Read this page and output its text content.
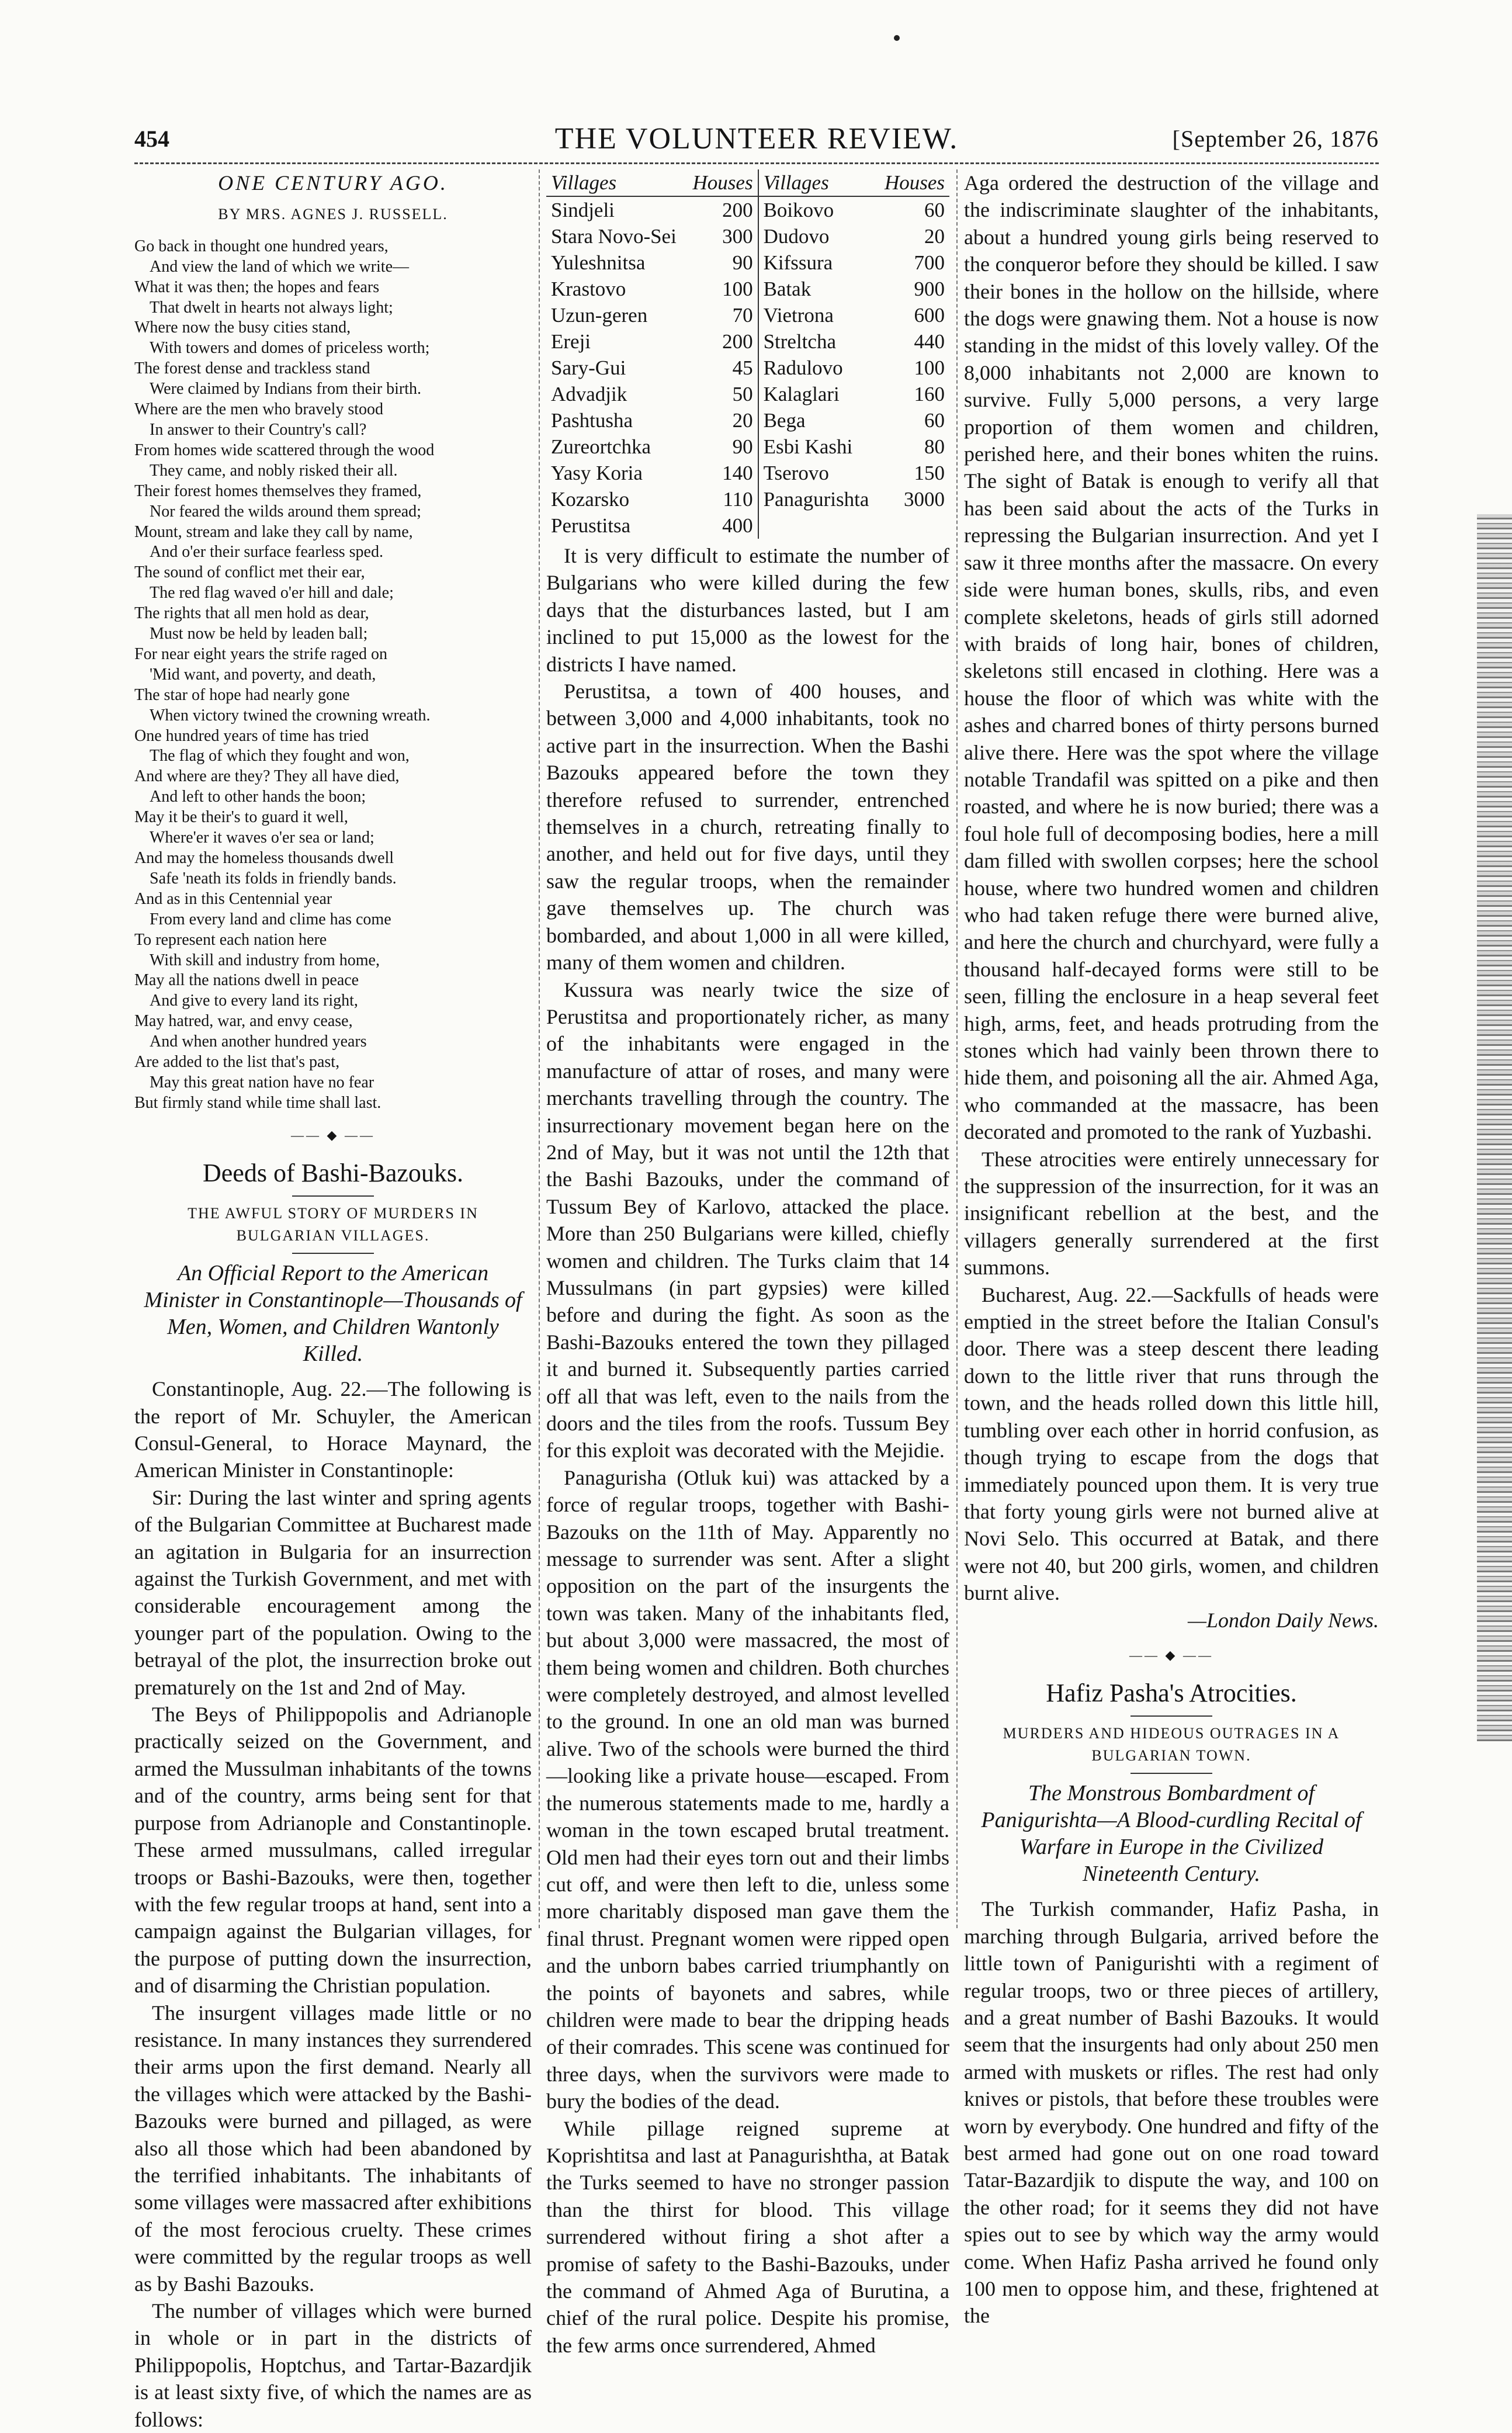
454	THE VOLUNTEER REVIEW.	[September 26, 1876
ONE CENTURY AGO.
BY MRS. AGNES J. RUSSELL.
Go back in thought one hundred years,
And view the land of which we write—
What it was then; the hopes and fears
That dwelt in hearts not always light;
Where now the busy cities stand,
With towers and domes of priceless worth;
The forest dense and trackless stand
Were claimed by Indians from their birth.
Where are the men who bravely stood
In answer to their Country's call?
From homes wide scattered through the wood
They came, and nobly risked their all.
Their forest homes themselves they framed,
Nor feared the wilds around them spread;
Mount, stream and lake they call by name,
And o'er their surface fearless sped.
The sound of conflict met their ear,
The red flag waved o'er hill and dale;
The rights that all men hold as dear,
Must now be held by leaden ball;
For near eight years the strife raged on
'Mid want, and poverty, and death,
The star of hope had nearly gone
When victory twined the crowning wreath.
One hundred years of time has tried
The flag of which they fought and won,
And where are they? They all have died,
And left to other hands the boon;
May it be their's to guard it well,
Where'er it waves o'er sea or land;
And may the homeless thousands dwell
Safe 'neath its folds in friendly bands.
And as in this Centennial year
From every land and clime has come
To represent each nation here
With skill and industry from home,
May all the nations dwell in peace
And give to every land its right,
May hatred, war, and envy cease,
And when another hundred years
Are added to the list that's past,
May this great nation have no fear
But firmly stand while time shall last.
—— ◆ ——
Deeds of Bashi-Bazouks.
THE AWFUL STORY OF MURDERS IN BULGARIAN VILLAGES.
An Official Report to the American Minister in Constantinople—Thousands of Men, Women, and Children Wantonly Killed.

Constantinople, Aug. 22.—The following is the report of Mr. Schuyler, the American Consul-General, to Horace Maynard, the American Minister in Constantinople:

Sir: During the last winter and spring agents of the Bulgarian Committee at Bucharest made an agitation in Bulgaria for an insurrection against the Turkish Government, and met with considerable encouragement among the younger part of the population. Owing to the betrayal of the plot, the insurrection broke out prematurely on the 1st and 2nd of May.

The Beys of Philippopolis and Adrianople practically seized on the Government, and armed the Mussulman inhabitants of the towns and of the country, arms being sent for that purpose from Adrianople and Constantinople. These armed mussulmans, called irregular troops or Bashi-Bazouks, were then, together with the few regular troops at hand, sent into a campaign against the Bulgarian villages, for the purpose of putting down the insurrection, and of disarming the Christian population.

The insurgent villages made little or no resistance. In many instances they surrendered their arms upon the first demand. Nearly all the villages which were attacked by the Bashi-Bazouks were burned and pillaged, as were also all those which had been abandoned by the terrified inhabitants. The inhabitants of some villages were massacred after exhibitions of the most ferocious cruelty. These crimes were committed by the regular troops as well as by Bashi Bazouks.

The number of villages which were burned in whole or in part in the districts of Philippopolis, Hoptchus, and Tartar-Bazardjik is at least sixty five, of which the names are as follows:

Villages	Houses	Villages	Houses
Sindjeli	200	Boikovo	60
Stara Novo-Sei	300	Dudovo	20
Yuleshnitsa	90	Kifssura	700
Krastovo	100	Batak	900
Uzun-geren	70	Vietrona	600
Ereji	200	Streltcha	440
Sary-Gui	45	Radulovo	100
Advadjik	50	Kalaglari	160
Pashtusha	20	Bega	60
Zureortchka	90	Esbi Kashi	80
Yasy Koria	140	Tserovo	150
Kozarsko	110	Panagurishta	3000
Perustitsa	400		

It is very difficult to estimate the number of Bulgarians who were killed during the few days that the disturbances lasted, but I am inclined to put 15,000 as the lowest for the districts I have named.

Perustitsa, a town of 400 houses, and between 3,000 and 4,000 inhabitants, took no active part in the insurrection. When the Bashi Bazouks appeared before the town they therefore refused to surrender, entrenched themselves in a church, retreating finally to another, and held out for five days, until they saw the regular troops, when the remainder gave themselves up. The church was bombarded, and about 1,000 in all were killed, many of them women and children.

Kussura was nearly twice the size of Perustitsa and proportionately richer, as many of the inhabitants were engaged in the manufacture of attar of roses, and many were merchants travelling through the country. The insurrectionary movement began here on the 2nd of May, but it was not until the 12th that the Bashi Bazouks, under the command of Tussum Bey of Karlovo, attacked the place. More than 250 Bulgarians were killed, chiefly women and children. The Turks claim that 14 Mussulmans (in part gypsies) were killed before and during the fight. As soon as the Bashi-Bazouks entered the town they pillaged it and burned it. Subsequently parties carried off all that was left, even to the nails from the doors and the tiles from the roofs. Tussum Bey for this exploit was decorated with the Mejidie.

Panagurisha (Otluk kui) was attacked by a force of regular troops, together with Bashi-Bazouks on the 11th of May. Apparently no message to surrender was sent. After a slight opposition on the part of the insurgents the town was taken. Many of the inhabitants fled, but about 3,000 were massacred, the most of them being women and children. Both churches were completely destroyed, and almost levelled to the ground. In one an old man was burned alive. Two of the schools were burned the third—looking like a private house—escaped. From the numerous statements made to me, hardly a woman in the town escaped brutal treatment. Old men had their eyes torn out and their limbs cut off, and were then left to die, unless some more charitably disposed man gave them the final thrust. Pregnant women were ripped open and the unborn babes carried triumphantly on the points of bayonets and sabres, while children were made to bear the dripping heads of their comrades. This scene was continued for three days, when the survivors were made to bury the bodies of the dead.

While pillage reigned supreme at Koprishtitsa and last at Panagurishtha, at Batak the Turks seemed to have no stronger passion than the thirst for blood. This village surrendered without firing a shot after a promise of safety to the Bashi-Bazouks, under the command of Ahmed Aga of Burutina, a chief of the rural police. Despite his promise, the few arms once surrendered, Ahmed

Aga ordered the destruction of the village and the indiscriminate slaughter of the inhabitants, about a hundred young girls being reserved to the conqueror before they should be killed. I saw their bones in the hollow on the hillside, where the dogs were gnawing them. Not a house is now standing in the midst of this lovely valley. Of the 8,000 inhabitants not 2,000 are known to survive. Fully 5,000 persons, a very large proportion of them women and children, perished here, and their bones whiten the ruins. The sight of Batak is enough to verify all that has been said about the acts of the Turks in repressing the Bulgarian insurrection. And yet I saw it three months after the massacre. On every side were human bones, skulls, ribs, and even complete skeletons, heads of girls still adorned with braids of long hair, bones of children, skeletons still encased in clothing. Here was a house the floor of which was white with the ashes and charred bones of thirty persons burned alive there. Here was the spot where the village notable Trandafil was spitted on a pike and then roasted, and where he is now buried; there was a foul hole full of decomposing bodies, here a mill dam filled with swollen corpses; here the school house, where two hundred women and children who had taken refuge there were burned alive, and here the church and churchyard, were fully a thousand half-decayed forms were still to be seen, filling the enclosure in a heap several feet high, arms, feet, and heads protruding from the stones which had vainly been thrown there to hide them, and poisoning all the air. Ahmed Aga, who commanded at the massacre, has been decorated and promoted to the rank of Yuzbashi.

These atrocities were entirely unnecessary for the suppression of the insurrection, for it was an insignificant rebellion at the best, and the villagers generally surrendered at the first summons.

Bucharest, Aug. 22.—Sackfulls of heads were emptied in the street before the Italian Consul's door. There was a steep descent there leading down to the little river that runs through the town, and the heads rolled down this little hill, tumbling over each other in horrid confusion, as though trying to escape from the dogs that immediately pounced upon them. It is very true that forty young girls were not burned alive at Novi Selo. This occurred at Batak, and there were not 40, but 200 girls, women, and children burnt alive.

—London Daily News.

—— ◆ ——
Hafiz Pasha's Atrocities.
MURDERS AND HIDEOUS OUTRAGES IN A BULGARIAN TOWN.
The Monstrous Bombardment of Panigurishta—A Blood-curdling Recital of Warfare in Europe in the Civilized Nineteenth Century.

The Turkish commander, Hafiz Pasha, in marching through Bulgaria, arrived before the little town of Panigurishti with a regiment of regular troops, two or three pieces of artillery, and a great number of Bashi Bazouks. It would seem that the insurgents had only about 250 men armed with muskets or rifles. The rest had only knives or pistols, that before these troubles were worn by everybody. One hundred and fifty of the best armed had gone out on one road toward Tatar-Bazardjik to dispute the way, and 100 on the other road; for it seems they did not have spies out to see by which way the army would come. When Hafiz Pasha arrived he found only 100 men to oppose him, and these, frightened at the
